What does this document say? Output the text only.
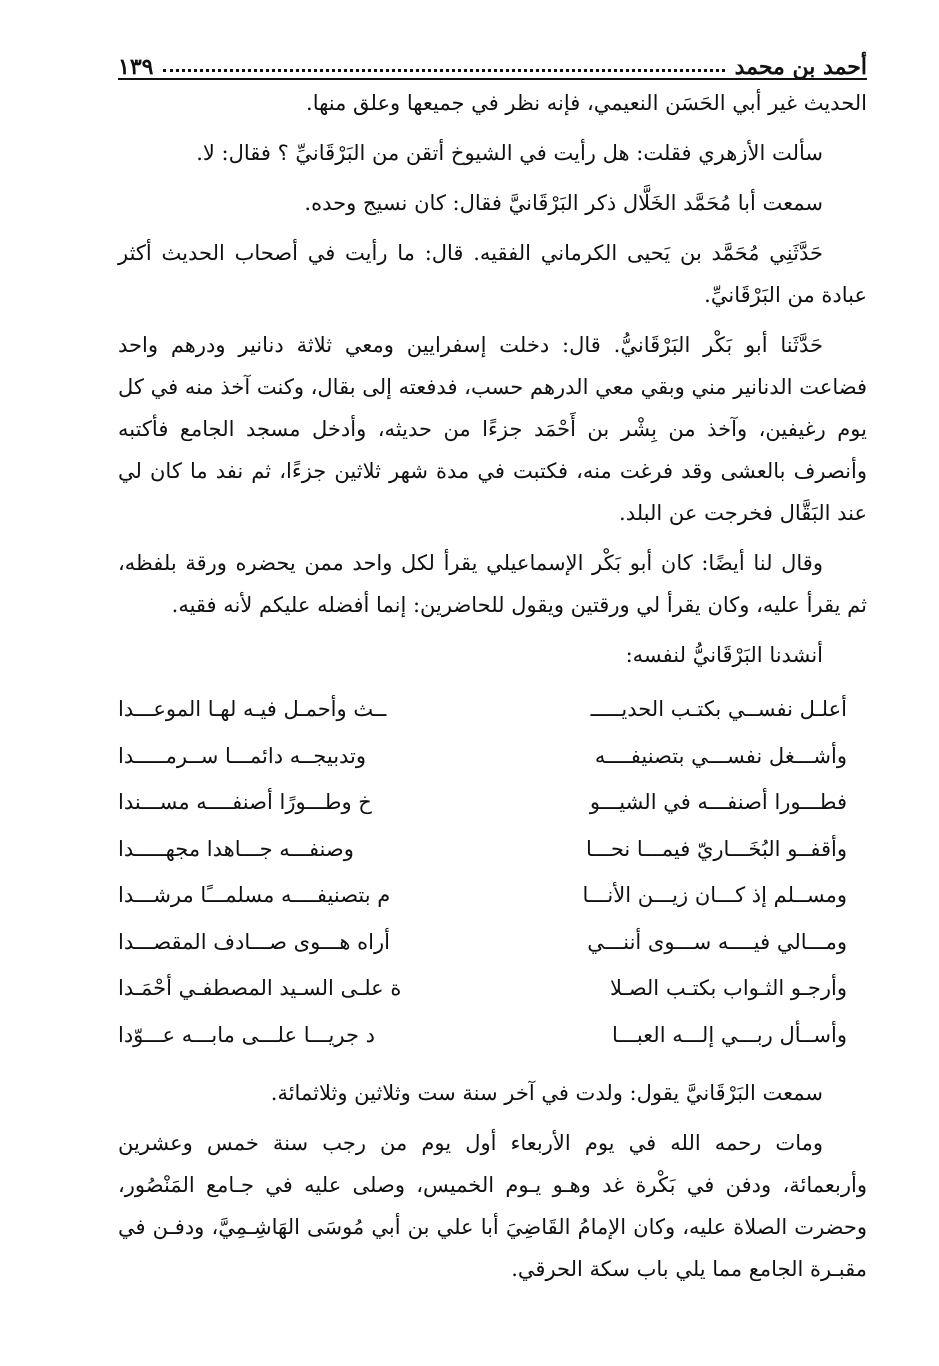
أحمد بن محمد
١٣٩

الحديث غير أبي الحَسَن النعيمي، فإنه نظر في جميعها وعلق منها.

سألت الأزهري فقلت: هل رأيت في الشيوخ أتقن من البَرْقَانيِّ ؟ فقال: لا.

سمعت أبا مُحَمَّد الخَلَّال ذكر البَرْقَانيَّ فقال: كان نسيج وحده.

حَدَّثَنِي مُحَمَّد بن يَحيى الكرماني الفقيه. قال: ما رأيت في أصحاب الحديث أكثر عبادة من البَرْقَانيِّ.

حَدَّثَنا أبو بَكْر البَرْقَانيُّ. قال: دخلت إسفرايين ومعي ثلاثة دنانير ودرهم واحد فضاعت الدنانير مني وبقي معي الدرهم حسب، فدفعته إلى بقال، وكنت آخذ منه في كل يوم رغيفين، وآخذ من بِشْر بن أَحْمَد جزءًا من حديثه، وأدخل مسجد الجامع فأكتبه وأنصرف بالعشى وقد فرغت منه، فكتبت في مدة شهر ثلاثين جزءًا، ثم نفد ما كان لي عند البَقَّال فخرجت عن البلد.

وقال لنا أيضًا: كان أبو بَكْر الإسماعيلي يقرأ لكل واحد ممن يحضره ورقة بلفظه، ثم يقرأ عليه، وكان يقرأ لي ورقتين ويقول للحاضرين: إنما أفضله عليكم لأنه فقيه.

أنشدنا البَرْقَانيُّ لنفسه:

أعلـل نفســي بكتـب الحديـــــ
ــث وأحمـل فيـه لهـا الموعـــدا
وأشـــغل نفســـي بتصنيفــــه
وتدبيجــه دائمـــا ســرمـــــدا
فطـــورا أصنفـــه في الشيـــو
خ وطـــورًا أصنفــــه مســـندا
وأقفــو البُخَـــاريّ فيمـــا نحـــا
وصنفـــه جـــاهدا مجهـــــدا
ومســلم إذ كـــان زيـــن الأنـــا
م بتصنيفــــه مسلمـــًا مرشـــدا
ومـــالي فيــــه ســـوى أننـــي
أراه هـــوى صـــادف المقصـــدا
وأرجـو الثـواب بكتـب الصـلا
ة علـى السـيد المصطفـي أحْمَـدا
وأســأل ربـــي إلـــه العبـــا
د جريـــا علـــى مابـــه عـــوّدا

سمعت البَرْقَانيَّ يقول: ولدت في آخر سنة ست وثلاثين وثلاثمائة.

ومات رحمه الله في يوم الأربعاء أول يوم من رجب سنة خمس وعشرين وأربعمائة، ودفن في بَكْرة غد وهـو يـوم الخميس، وصلى عليه في جـامع المَنْصُور، وحضرت الصلاة عليه، وكان الإمامُ القَاضِيَ أبا علي بن أبي مُوسَى الهَاشِـمِيَّ، ودفـن في مقبـرة الجامع مما يلي باب سكة الحرقي.
